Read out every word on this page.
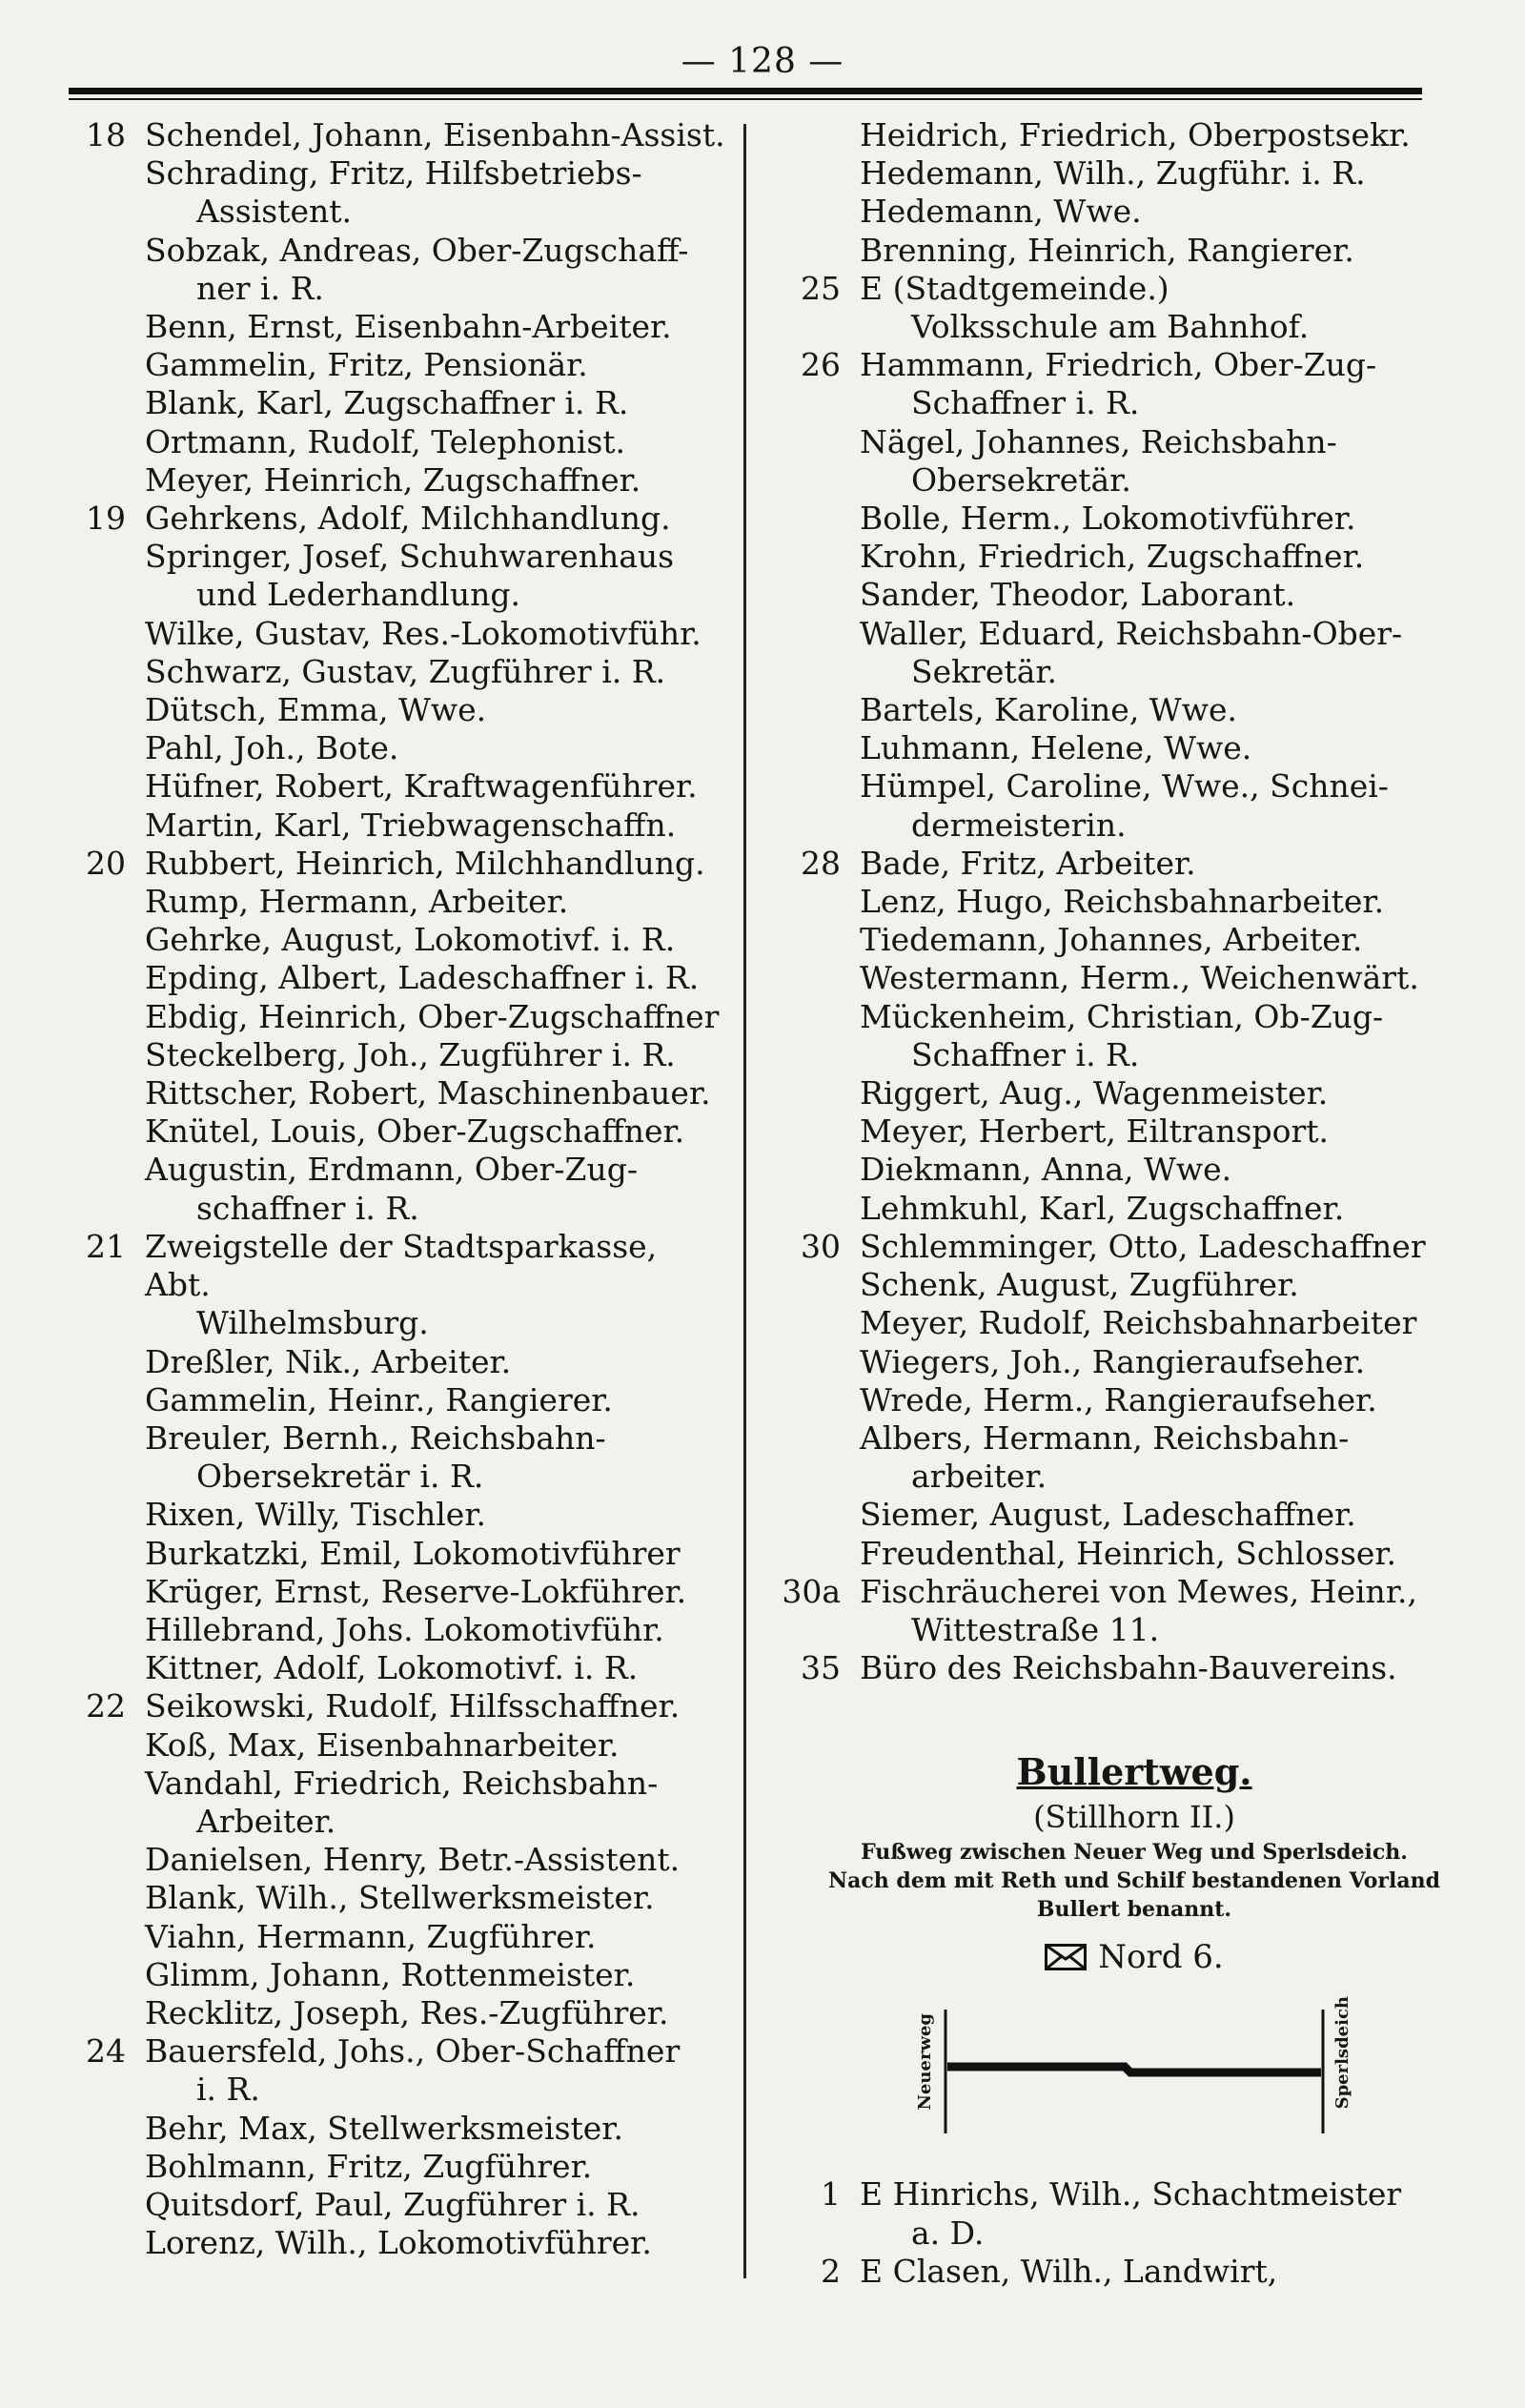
— 128 —
18 Schendel, Johann, Eisenbahn-Assist.
Schrading, Fritz, Hilfsbetriebs-
Assistent.
Sobzak, Andreas, Ober-Zugschaff-
ner i. R.
Benn, Ernst, Eisenbahn-Arbeiter.
Gammelin, Fritz, Pensionär.
Blank, Karl, Zugschaffner i. R.
Ortmann, Rudolf, Telephonist.
Meyer, Heinrich, Zugschaffner.
19 Gehrkens, Adolf, Milchhandlung.
Springer, Josef, Schuhwarenhaus
und Lederhandlung.
Wilke, Gustav, Res.-Lokomotivführ.
Schwarz, Gustav, Zugführer i. R.
Dütsch, Emma, Wwe.
Pahl, Joh., Bote.
Hüfner, Robert, Kraftwagenführer.
Martin, Karl, Triebwagenschaffn.
20 Rubbert, Heinrich, Milchhandlung.
Rump, Hermann, Arbeiter.
Gehrke, August, Lokomotivf. i. R.
Epding, Albert, Ladeschaffner i. R.
Ebdig, Heinrich, Ober-Zugschaffner
Steckelberg, Joh., Zugführer i. R.
Rittscher, Robert, Maschinenbauer.
Knütel, Louis, Ober-Zugschaffner.
Augustin, Erdmann, Ober-Zug-
schaffner i. R.
21 Zweigstelle der Stadtsparkasse, Abt.
Wilhelmsburg.
Dreßler, Nik., Arbeiter.
Gammelin, Heinr., Rangierer.
Breuler, Bernh., Reichsbahn-
Obersekretär i. R.
Rixen, Willy, Tischler.
Burkatzki, Emil, Lokomotivführer
Krüger, Ernst, Reserve-Lokführer.
Hillebrand, Johs. Lokomotivführ.
Kittner, Adolf, Lokomotivf. i. R.
22 Seikowski, Rudolf, Hilfsschaffner.
Koß, Max, Eisenbahnarbeiter.
Vandahl, Friedrich, Reichsbahn-
Arbeiter.
Danielsen, Henry, Betr.-Assistent.
Blank, Wilh., Stellwerksmeister.
Viahn, Hermann, Zugführer.
Glimm, Johann, Rottenmeister.
Recklitz, Joseph, Res.-Zugführer.
24 Bauersfeld, Johs., Ober-Schaffner
i. R.
Behr, Max, Stellwerksmeister.
Bohlmann, Fritz, Zugführer.
Quitsdorf, Paul, Zugführer i. R.
Lorenz, Wilh., Lokomotivführer.
Heidrich, Friedrich, Oberpostsekr.
Hedemann, Wilh., Zugführ. i. R.
Hedemann, Wwe.
Brenning, Heinrich, Rangierer.
25 E (Stadtgemeinde.)
Volksschule am Bahnhof.
26 Hammann, Friedrich, Ober-Zug-
Schaffner i. R.
Nägel, Johannes, Reichsbahn-
Obersekretär.
Bolle, Herm., Lokomotivführer.
Krohn, Friedrich, Zugschaffner.
Sander, Theodor, Laborant.
Waller, Eduard, Reichsbahn-Ober-
Sekretär.
Bartels, Karoline, Wwe.
Luhmann, Helene, Wwe.
Hümpel, Caroline, Wwe., Schnei-
dermeisterin.
28 Bade, Fritz, Arbeiter.
Lenz, Hugo, Reichsbahnarbeiter.
Tiedemann, Johannes, Arbeiter.
Westermann, Herm., Weichenwärt.
Mückenheim, Christian, Ob-Zug-
Schaffner i. R.
Riggert, Aug., Wagenmeister.
Meyer, Herbert, Eiltransport.
Diekmann, Anna, Wwe.
Lehmkuhl, Karl, Zugschaffner.
30 Schlemminger, Otto, Ladeschaffner
Schenk, August, Zugführer.
Meyer, Rudolf, Reichsbahnarbeiter
Wiegers, Joh., Rangieraufseher.
Wrede, Herm., Rangieraufseher.
Albers, Hermann, Reichsbahn-
arbeiter.
Siemer, August, Ladeschaffner.
Freudenthal, Heinrich, Schlosser.
30a Fischräucherei von Mewes, Heinr.,
Wittestraße 11.
35 Büro des Reichsbahn-Bauvereins.
Bullertweg.
(Stillhorn II.)
Fußweg zwischen Neuer Weg und Sperlsdeich.
Nach dem mit Reth und Schilf bestandenen Vorland
Bullert benannt.
Nord 6.
Neuerweg	Sperlsdeich
1 E Hinrichs, Wilh., Schachtmeister
a. D.
2 E Clasen, Wilh., Landwirt,
